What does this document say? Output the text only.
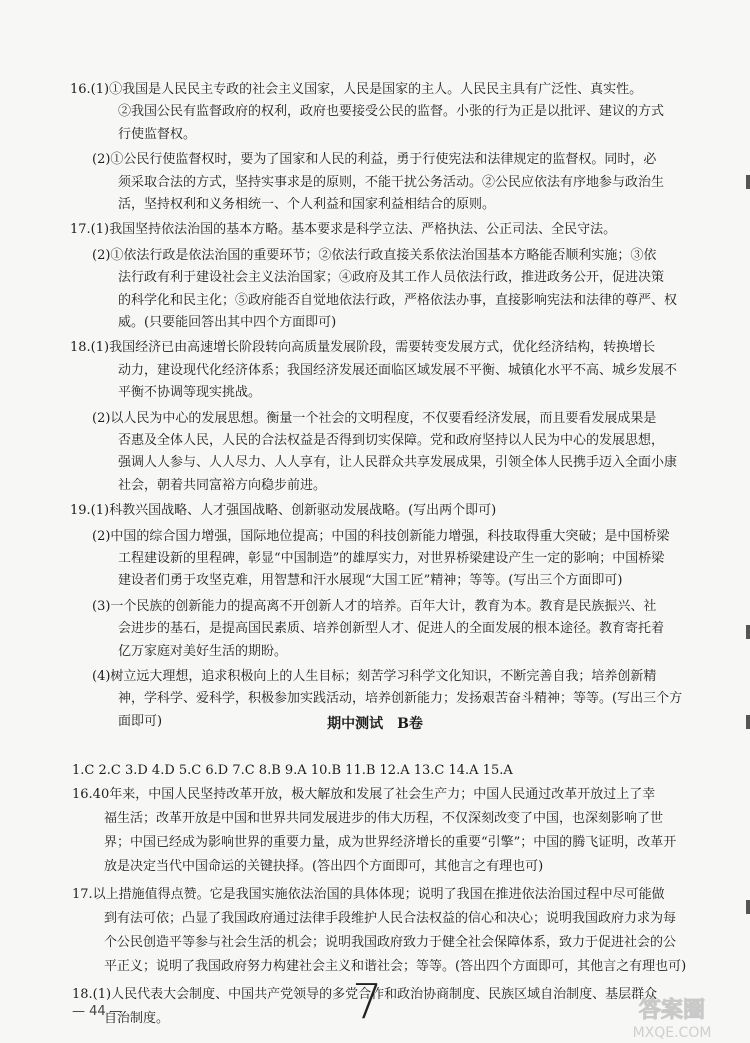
期中测试　B卷
1.C 2.C 3.D 4.D 5.C 6.D 7.C 8.B 9.A 10.B 11.B 12.A 13.C 14.A 15.A
16.40年来，中国人民坚持改革开放，极大解放和发展了社会生产力；中国人民通过改革开放过上了幸
福生活；改革开放是中国和世界共同发展进步的伟大历程，不仅深刻改变了中国，也深刻影响了世
界；中国已经成为影响世界的重要力量，成为世界经济增长的重要“引擎”；中国的腾飞证明，改革开
放是决定当代中国命运的关键抉择。(答出四个方面即可，其他言之有理也可)
17.以上措施值得点赞。它是我国实施依法治国的具体体现；说明了我国在推进依法治国过程中尽可能做
到有法可依；凸显了我国政府通过法律手段维护人民合法权益的信心和决心；说明我国政府力求为每
个公民创造平等参与社会生活的机会；说明我国政府致力于健全社会保障体系，致力于促进社会的公
平正义；说明了我国政府努力构建社会主义和谐社会；等等。(答出四个方面即可，其他言之有理也可)
18.(1)人民代表大会制度、中国共产党领导的多党合作和政治协商制度、民族区域自治制度、基层群众
自治制度。
— 44 —	7	答案圈
MXQE.COM
16.(1)①我国是人民民主专政的社会主义国家，人民是国家的主人。人民民主具有广泛性、真实性。
②我国公民有监督政府的权利，政府也要接受公民的监督。小张的行为正是以批评、建议的方式
行使监督权。
(2)①公民行使监督权时，要为了国家和人民的利益，勇于行使宪法和法律规定的监督权。同时，必
须采取合法的方式，坚持实事求是的原则，不能干扰公务活动。②公民应依法有序地参与政治生
活，坚持权利和义务相统一、个人利益和国家利益相结合的原则。
17.(1)我国坚持依法治国的基本方略。基本要求是科学立法、严格执法、公正司法、全民守法。
(2)①依法行政是依法治国的重要环节；②依法行政直接关系依法治国基本方略能否顺利实施；③依
法行政有利于建设社会主义法治国家；④政府及其工作人员依法行政，推进政务公开，促进决策
的科学化和民主化；⑤政府能否自觉地依法行政，严格依法办事，直接影响宪法和法律的尊严、权
威。(只要能回答出其中四个方面即可)
18.(1)我国经济已由高速增长阶段转向高质量发展阶段，需要转变发展方式，优化经济结构，转换增长
动力，建设现代化经济体系；我国经济发展还面临区域发展不平衡、城镇化水平不高、城乡发展不
平衡不协调等现实挑战。
(2)以人民为中心的发展思想。衡量一个社会的文明程度，不仅要看经济发展，而且要看发展成果是
否惠及全体人民，人民的合法权益是否得到切实保障。党和政府坚持以人民为中心的发展思想，
强调人人参与、人人尽力、人人享有，让人民群众共享发展成果，引领全体人民携手迈入全面小康
社会，朝着共同富裕方向稳步前进。
19.(1)科教兴国战略、人才强国战略、创新驱动发展战略。(写出两个即可)
(2)中国的综合国力增强，国际地位提高；中国的科技创新能力增强，科技取得重大突破；是中国桥梁
工程建设新的里程碑，彰显“中国制造”的雄厚实力，对世界桥梁建设产生一定的影响；中国桥梁
建设者们勇于攻坚克难，用智慧和汗水展现“大国工匠”精神；等等。(写出三个方面即可)
(3)一个民族的创新能力的提高离不开创新人才的培养。百年大计，教育为本。教育是民族振兴、社
会进步的基石，是提高国民素质、培养创新型人才、促进人的全面发展的根本途径。教育寄托着
亿万家庭对美好生活的期盼。
(4)树立远大理想，追求积极向上的人生目标；刻苦学习科学文化知识，不断完善自我；培养创新精
神，学科学、爱科学，积极参加实践活动，培养创新能力；发扬艰苦奋斗精神；等等。(写出三个方
面即可)
